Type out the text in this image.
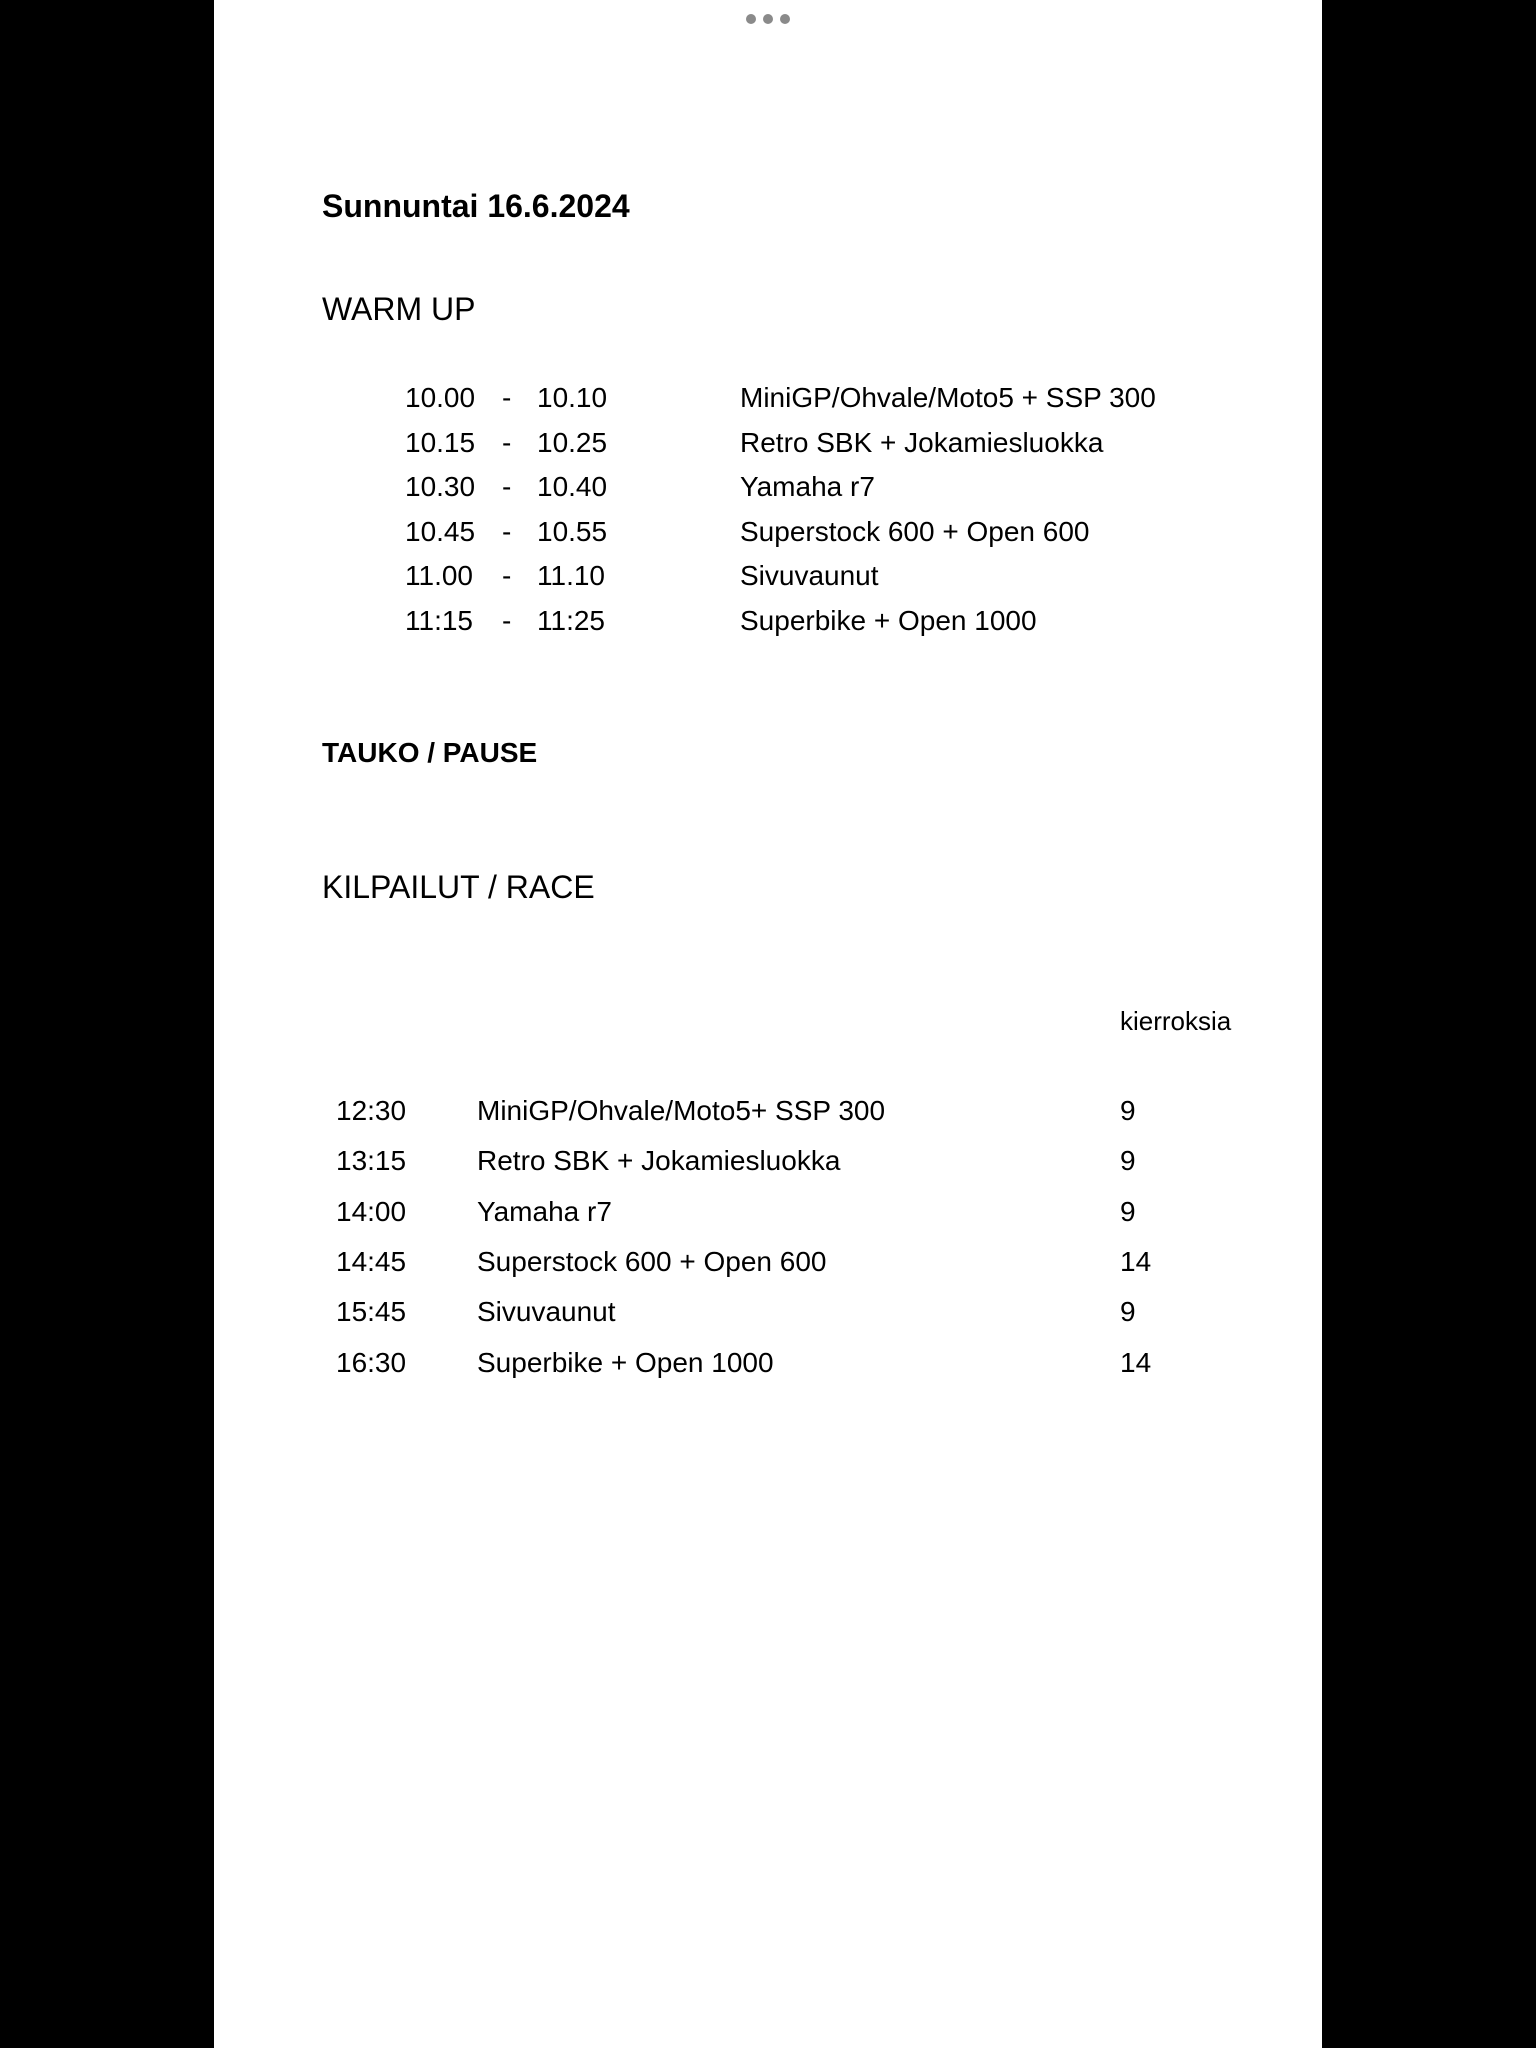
Sunnuntai 16.6.2024
WARM UP
10.00 - 10.10	MiniGP/Ohvale/Moto5 + SSP 300
10.15 - 10.25	Retro SBK + Jokamiesluokka
10.30 - 10.40	Yamaha r7
10.45 - 10.55	Superstock 600 + Open 600
11.00 - 11.10	Sivuvaunut
11:15 - 11:25	Superbike + Open 1000
TAUKO / PAUSE
KILPAILUT / RACE
kierroksia
12:30	MiniGP/Ohvale/Moto5+ SSP 300	9
13:15	Retro SBK + Jokamiesluokka	9
14:00	Yamaha r7	9
14:45	Superstock 600 + Open 600	14
15:45	Sivuvaunut	9
16:30	Superbike + Open 1000	14
